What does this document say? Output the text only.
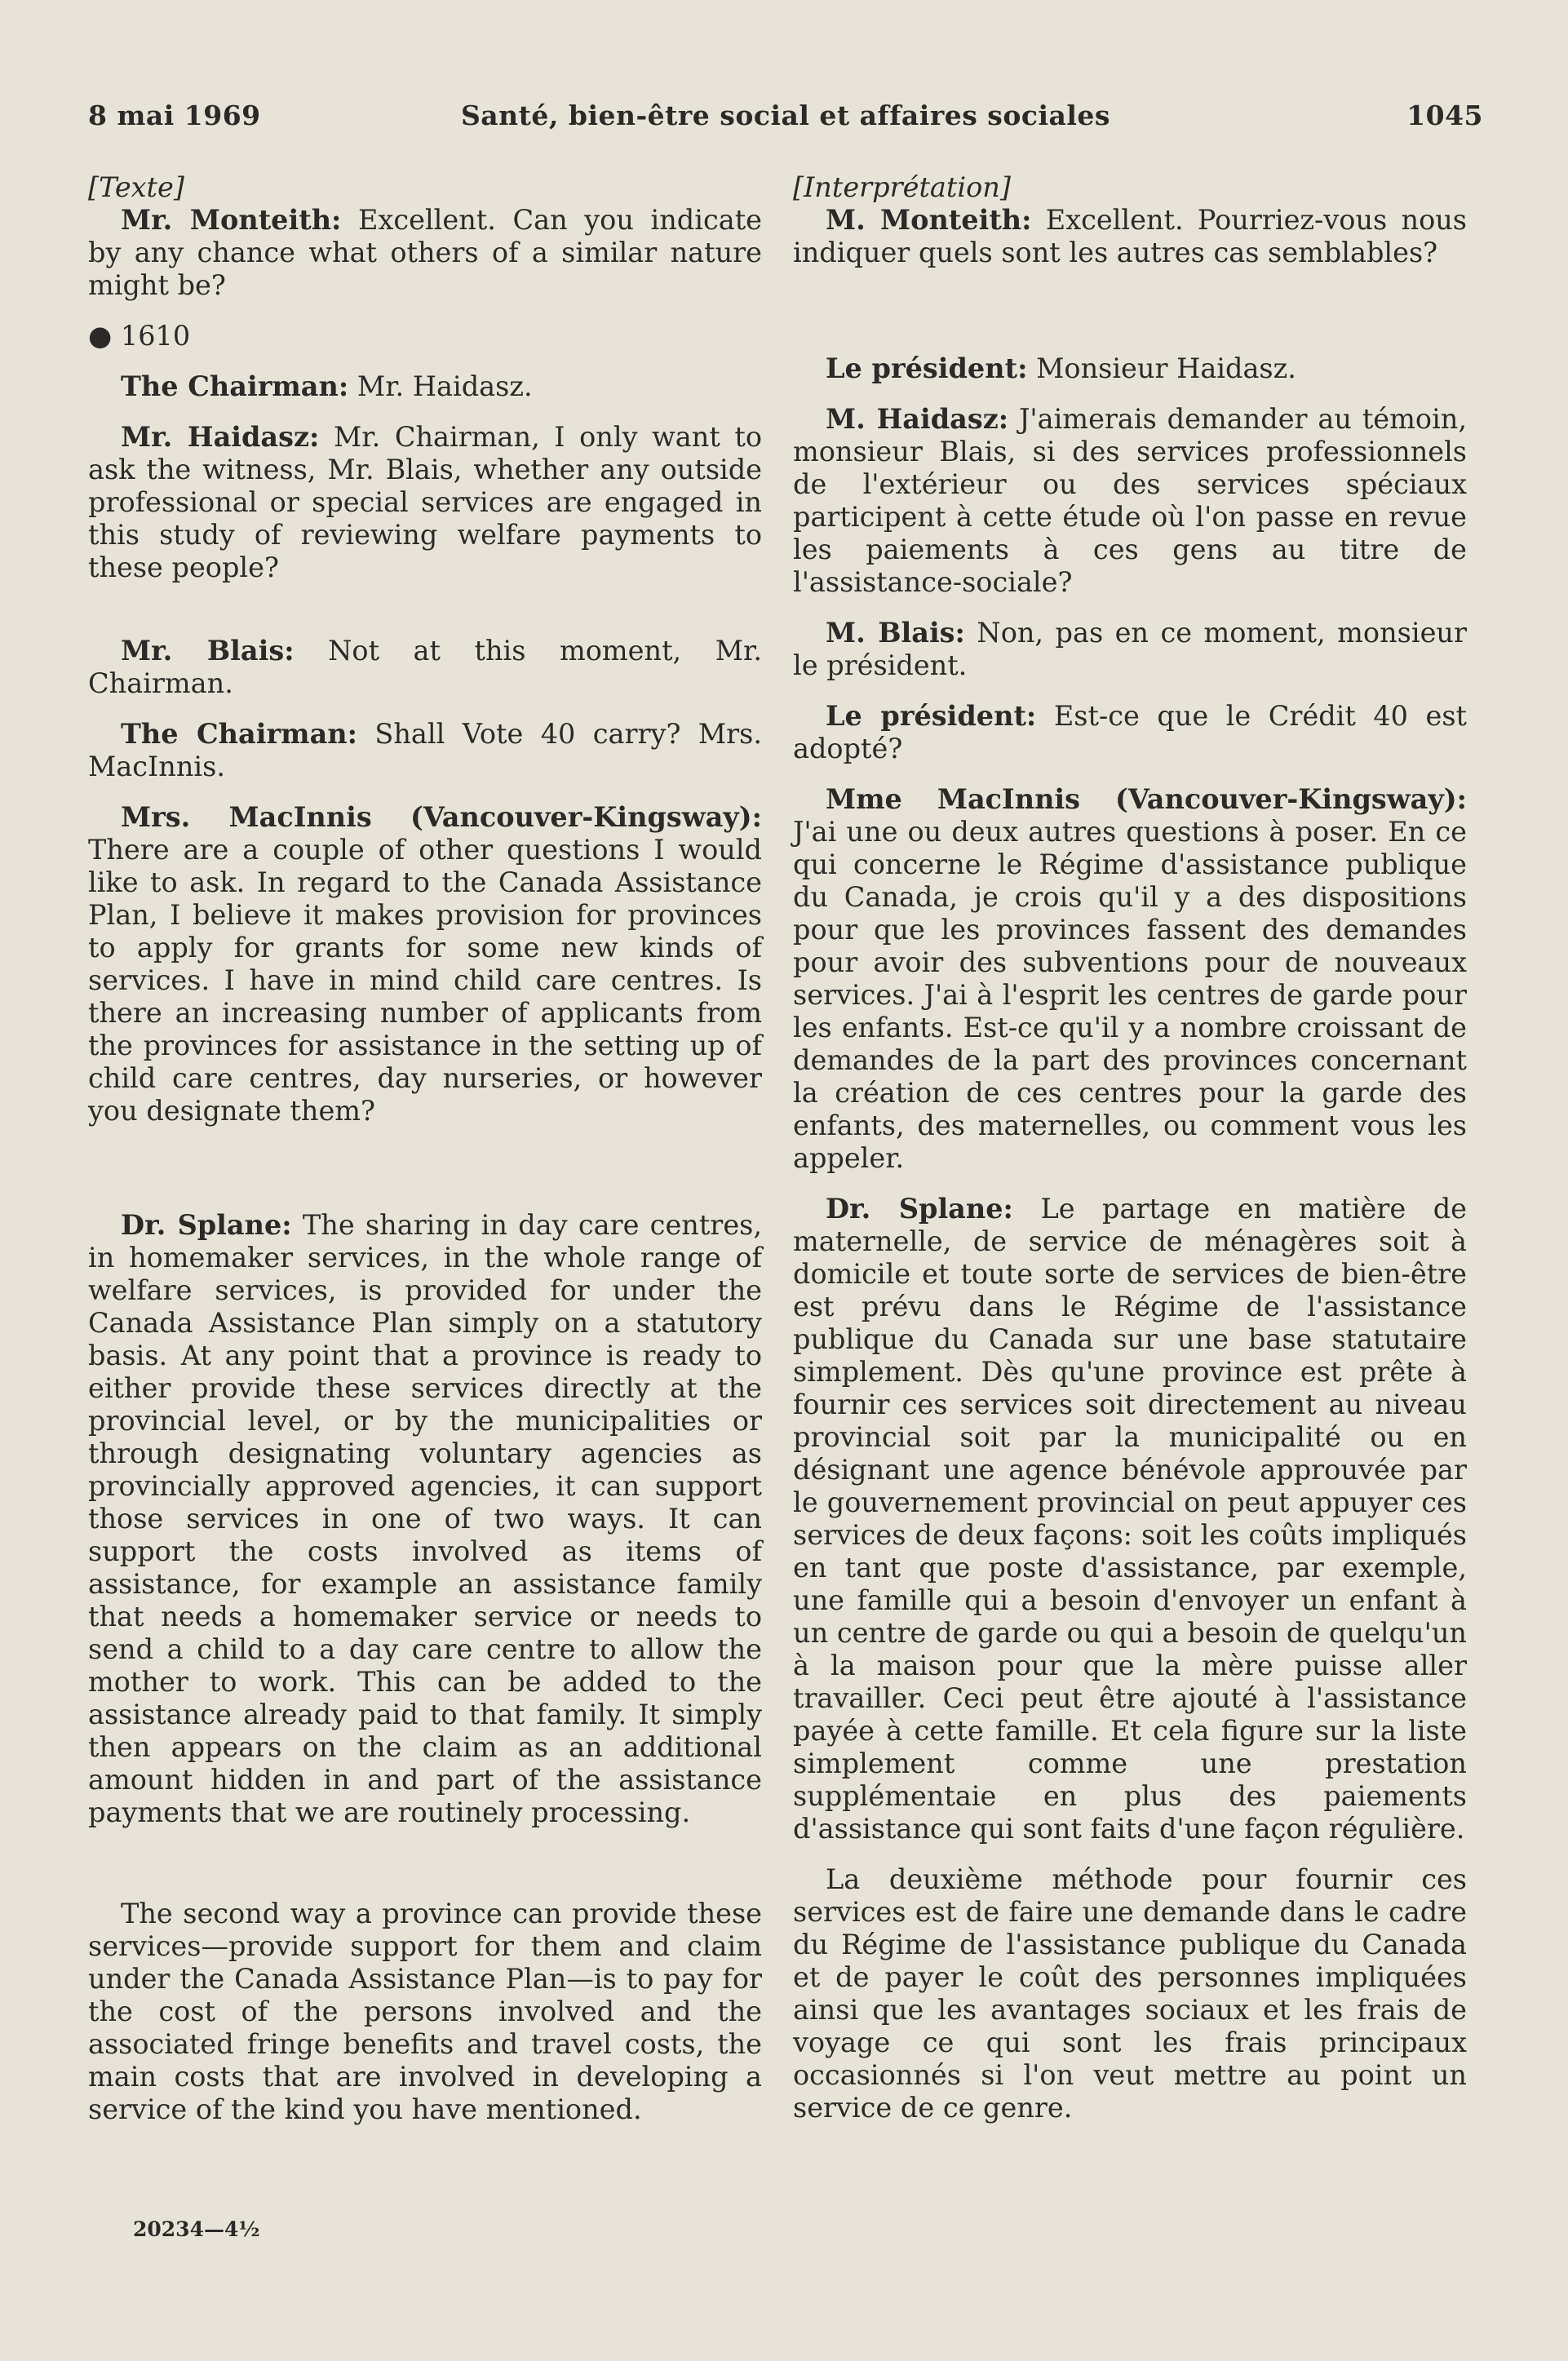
8 mai 1969	Santé, bien-être social et affaires sociales	1045

[Texte]

Mr. Monteith: Excellent. Can you indicate by any chance what others of a similar nature might be?

● 1610

The Chairman: Mr. Haidasz.

Mr. Haidasz: Mr. Chairman, I only want to ask the witness, Mr. Blais, whether any outside professional or special services are engaged in this study of reviewing welfare payments to these people?

Mr. Blais: Not at this moment, Mr. Chairman.

The Chairman: Shall Vote 40 carry? Mrs. MacInnis.

Mrs. MacInnis (Vancouver-Kingsway): There are a couple of other questions I would like to ask. In regard to the Canada Assistance Plan, I believe it makes provision for provinces to apply for grants for some new kinds of services. I have in mind child care centres. Is there an increasing number of applicants from the provinces for assistance in the setting up of child care centres, day nurseries, or however you designate them?

Dr. Splane: The sharing in day care centres, in homemaker services, in the whole range of welfare services, is provided for under the Canada Assistance Plan simply on a statutory basis. At any point that a province is ready to either provide these services directly at the provincial level, or by the municipalities or through designating voluntary agencies as provincially approved agencies, it can support those services in one of two ways. It can support the costs involved as items of assistance, for example an assistance family that needs a homemaker service or needs to send a child to a day care centre to allow the mother to work. This can be added to the assistance already paid to that family. It simply then appears on the claim as an additional amount hidden in and part of the assistance payments that we are routinely processing.

The second way a province can provide these services—provide support for them and claim under the Canada Assistance Plan—is to pay for the cost of the persons involved and the associated fringe benefits and travel costs, the main costs that are involved in developing a service of the kind you have mentioned.

20234—4½

[Interprétation]

M. Monteith: Excellent. Pourriez-vous nous indiquer quels sont les autres cas semblables?

Le président: Monsieur Haidasz.

M. Haidasz: J'aimerais demander au témoin, monsieur Blais, si des services professionnels de l'extérieur ou des services spéciaux participent à cette étude où l'on passe en revue les paiements à ces gens au titre de l'assistance-sociale?

M. Blais: Non, pas en ce moment, monsieur le président.

Le président: Est-ce que le Crédit 40 est adopté?

Mme MacInnis (Vancouver-Kingsway): J'ai une ou deux autres questions à poser. En ce qui concerne le Régime d'assistance publique du Canada, je crois qu'il y a des dispositions pour que les provinces fassent des demandes pour avoir des subventions pour de nouveaux services. J'ai à l'esprit les centres de garde pour les enfants. Est-ce qu'il y a nombre croissant de demandes de la part des provinces concernant la création de ces centres pour la garde des enfants, des maternelles, ou comment vous les appeler.

Dr. Splane: Le partage en matière de maternelle, de service de ménagères soit à domicile et toute sorte de services de bien-être est prévu dans le Régime de l'assistance publique du Canada sur une base statutaire simplement. Dès qu'une province est prête à fournir ces services soit directement au niveau provincial soit par la municipalité ou en désignant une agence bénévole approuvée par le gouvernement provincial on peut appuyer ces services de deux façons: soit les coûts impliqués en tant que poste d'assistance, par exemple, une famille qui a besoin d'envoyer un enfant à un centre de garde ou qui a besoin de quelqu'un à la maison pour que la mère puisse aller travailler. Ceci peut être ajouté à l'assistance payée à cette famille. Et cela figure sur la liste simplement comme une prestation supplémentaie en plus des paiements d'assistance qui sont faits d'une façon régulière.

La deuxième méthode pour fournir ces services est de faire une demande dans le cadre du Régime de l'assistance publique du Canada et de payer le coût des personnes impliquées ainsi que les avantages sociaux et les frais de voyage ce qui sont les frais principaux occasionnés si l'on veut mettre au point un service de ce genre.
